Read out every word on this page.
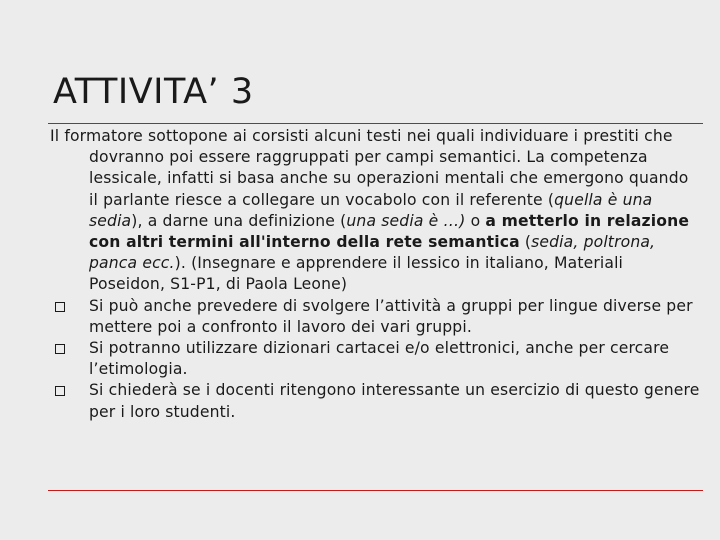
ATTIVITA’ 3

Il formatore sottopone ai corsisti alcuni testi nei quali individuare i prestiti che dovranno poi essere raggruppati per campi semantici. La competenza lessicale, infatti si basa anche su operazioni mentali che emergono quando il parlante riesce a collegare un vocabolo con il referente (quella è una sedia), a darne una definizione (una sedia è …) o a metterlo in relazione con altri termini all'interno della rete semantica (sedia, poltrona, panca ecc.). (Insegnare e apprendere il lessico in italiano, Materiali Poseidon, S1-P1, di Paola Leone)

Si può anche prevedere di svolgere l’attività a gruppi per lingue diverse per mettere poi a confronto il lavoro dei vari gruppi.
Si potranno utilizzare dizionari cartacei e/o elettronici, anche per cercare l’etimologia.
Si chiederà se i docenti ritengono interessante un esercizio di questo genere per i loro studenti.
